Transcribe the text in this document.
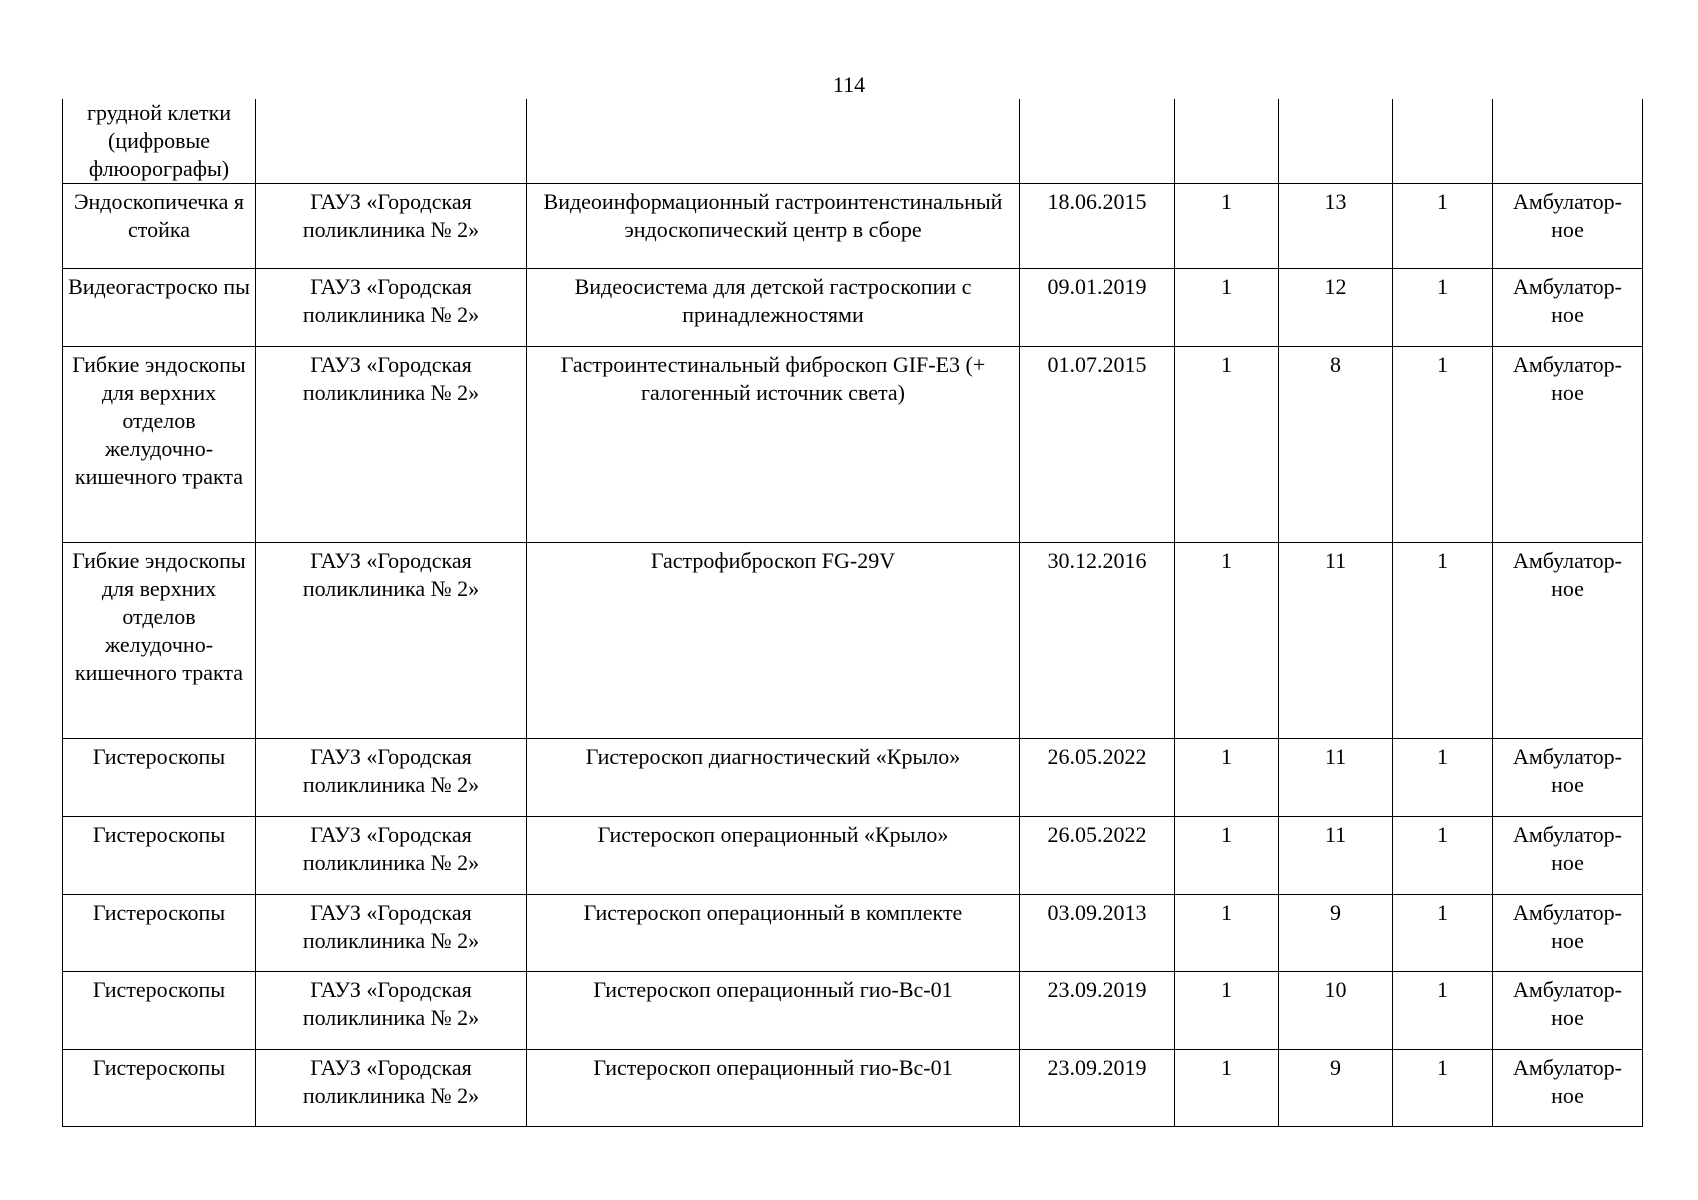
114
грудной клетки (цифровые флюорографы)							
Эндоскопичечка я стойка	ГАУЗ «Городская поликлиника № 2»	Видеоинформационный гастроинтенстинальный эндоскопический центр в сборе	18.06.2015	1	13	1	Амбулатор-ное
Видеогастроско пы	ГАУЗ «Городская поликлиника № 2»	Видеосистема для детской гастроскопии с принадлежностями	09.01.2019	1	12	1	Амбулатор-ное
Гибкие эндоскопы для верхних отделов желудочно-кишечного тракта	ГАУЗ «Городская поликлиника № 2»	Гастроинтестинальный фиброскоп GIF-E3 (+ галогенный источник света)	01.07.2015	1	8	1	Амбулатор-ное
Гибкие эндоскопы для верхних отделов желудочно-кишечного тракта	ГАУЗ «Городская поликлиника № 2»	Гастрофиброскоп FG-29V	30.12.2016	1	11	1	Амбулатор-ное
Гистероскопы	ГАУЗ «Городская поликлиника № 2»	Гистероскоп диагностический «Крыло»	26.05.2022	1	11	1	Амбулатор-ное
Гистероскопы	ГАУЗ «Городская поликлиника № 2»	Гистероскоп операционный «Крыло»	26.05.2022	1	11	1	Амбулатор-ное
Гистероскопы	ГАУЗ «Городская поликлиника № 2»	Гистероскоп операционный в комплекте	03.09.2013	1	9	1	Амбулатор-ное
Гистероскопы	ГАУЗ «Городская поликлиника № 2»	Гистероскоп операционный гио-Вс-01	23.09.2019	1	10	1	Амбулатор-ное
Гистероскопы	ГАУЗ «Городская поликлиника № 2»	Гистероскоп операционный гио-Вс-01	23.09.2019	1	9	1	Амбулатор-ное
